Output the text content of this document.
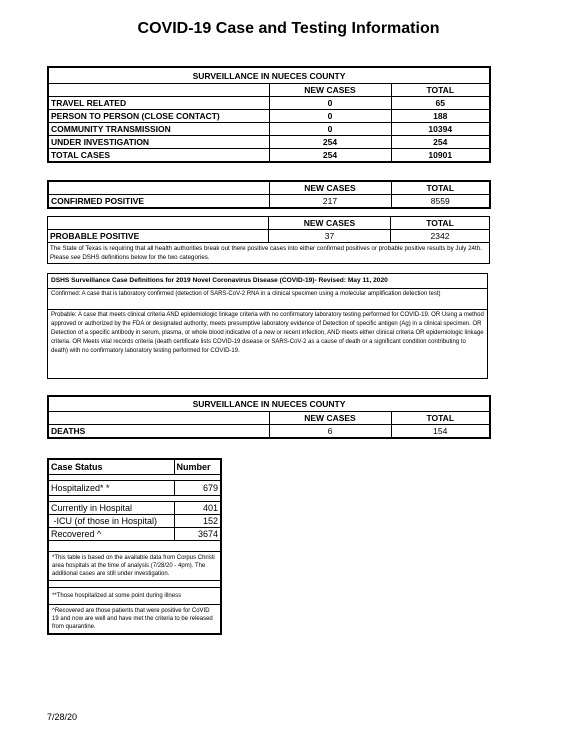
COVID-19 Case and Testing Information
SURVEILLANCE IN NUECES COUNTY		
	NEW CASES	TOTAL
TRAVEL RELATED	0	65
PERSON TO PERSON (CLOSE CONTACT)	0	188
COMMUNITY TRANSMISSION	0	10394
UNDER INVESTIGATION	254	254
TOTAL CASES	254	10901
	NEW CASES	TOTAL
CONFIRMED POSITIVE	217	8559
	NEW CASES	TOTAL
PROBABLE POSITIVE	37	2342
The State of Texas is requiring that all health authorities break out there positive cases into either confirmed positives or probable positive results by July 24th. Please see DSHS definitions below for the two categories.		
DSHS Surveillance Case Definitions for 2019 Novel Coronavirus Disease (COVID-19)- Revised: May 11, 2020
Confirmed: A case that is laboratory confirmed (detection of SARS-CoV-2 RNA in a clinical specimen using a molecular amplification detection test)
Probable: A case that meets clinical criteria AND epidemiologic linkage criteria with no confirmatory laboratory testing performed for COVID-19. OR Using a method approved or authorized by the FDA or designated authority, meets presumptive laboratory evidence of Detection of specific antigen (Ag) in a clinical specimen. OR Detection of a specific antibody in serum, plasma, or whole blood indicative of a new or recent infection, AND meets either clinical criteria OR epidemiologic linkage criteria. OR Meets vital records criteria (death certificate lists COVID-19 disease or SARS-CoV-2 as a cause of death or a significant condition contributing to death) with no confirmatory laboratory testing performed for COVID-19.
SURVEILLANCE IN NUECES COUNTY		
	NEW CASES	TOTAL
DEATHS	6	154
Case Status	Number

Hospitalized* *	679

Currently in Hospital	401
-ICU (of those in Hospital)	152
Recovered ^	3674

*This table is based on the available data from Corpus Christi area hospitals at the time of analysis (7/28/20 - 4pm). The additional cases are still under investigation.	

**Those hospitalized at some point during illness	
^Recovered are those patients that were positive for CoVID 19 and now are well and have met the criteria to be released from quarantine.	
7/28/20
